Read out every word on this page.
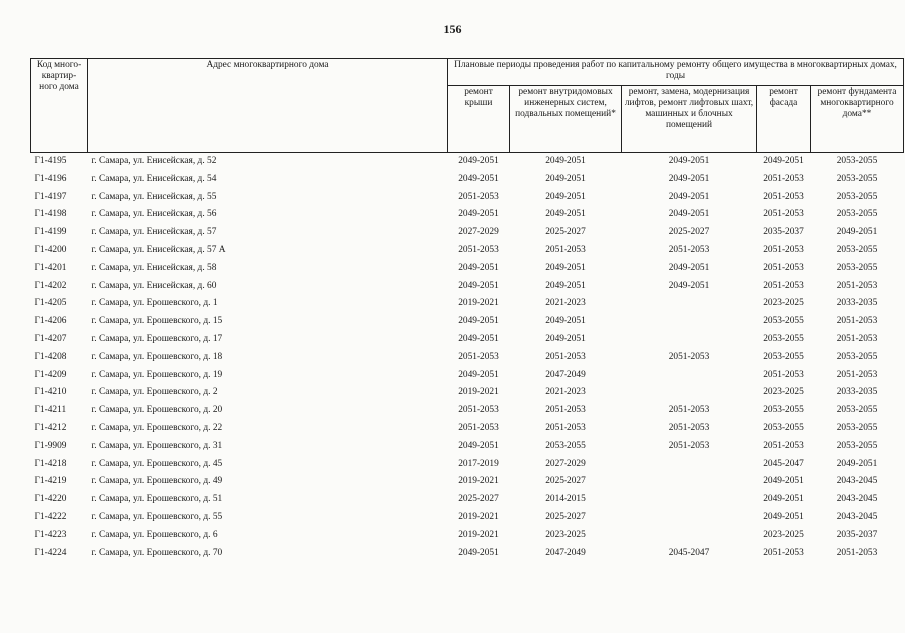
156
Код много-квартир-ного дома	Адрес многоквартирного дома	Плановые периоды проведения работ по капитальному ремонту общего имущества в многоквартирных домах, годы				
		ремонт крыши	ремонт внутридомовых инженерных систем, подвальных помещений*	ремонт, замена, модернизация лифтов, ремонт лифтовых шахт, машинных и блочных помещений	ремонт фасада	ремонт фундамента многоквартирного дома**
Г1-4195	г. Самара, ул. Енисейская, д. 52	2049-2051	2049-2051	2049-2051	2049-2051	2053-2055
Г1-4196	г. Самара, ул. Енисейская, д. 54	2049-2051	2049-2051	2049-2051	2051-2053	2053-2055
Г1-4197	г. Самара, ул. Енисейская, д. 55	2051-2053	2049-2051	2049-2051	2051-2053	2053-2055
Г1-4198	г. Самара, ул. Енисейская, д. 56	2049-2051	2049-2051	2049-2051	2051-2053	2053-2055
Г1-4199	г. Самара, ул. Енисейская, д. 57	2027-2029	2025-2027	2025-2027	2035-2037	2049-2051
Г1-4200	г. Самара, ул. Енисейская, д. 57 А	2051-2053	2051-2053	2051-2053	2051-2053	2053-2055
Г1-4201	г. Самара, ул. Енисейская, д. 58	2049-2051	2049-2051	2049-2051	2051-2053	2053-2055
Г1-4202	г. Самара, ул. Енисейская, д. 60	2049-2051	2049-2051	2049-2051	2051-2053	2051-2053
Г1-4205	г. Самара, ул. Ерошевского, д. 1	2019-2021	2021-2023		2023-2025	2033-2035
Г1-4206	г. Самара, ул. Ерошевского, д. 15	2049-2051	2049-2051		2053-2055	2051-2053
Г1-4207	г. Самара, ул. Ерошевского, д. 17	2049-2051	2049-2051		2053-2055	2051-2053
Г1-4208	г. Самара, ул. Ерошевского, д. 18	2051-2053	2051-2053	2051-2053	2053-2055	2053-2055
Г1-4209	г. Самара, ул. Ерошевского, д. 19	2049-2051	2047-2049		2051-2053	2051-2053
Г1-4210	г. Самара, ул. Ерошевского, д. 2	2019-2021	2021-2023		2023-2025	2033-2035
Г1-4211	г. Самара, ул. Ерошевского, д. 20	2051-2053	2051-2053	2051-2053	2053-2055	2053-2055
Г1-4212	г. Самара, ул. Ерошевского, д. 22	2051-2053	2051-2053	2051-2053	2053-2055	2053-2055
Г1-9909	г. Самара, ул. Ерошевского, д. 31	2049-2051	2053-2055	2051-2053	2051-2053	2053-2055
Г1-4218	г. Самара, ул. Ерошевского, д. 45	2017-2019	2027-2029		2045-2047	2049-2051
Г1-4219	г. Самара, ул. Ерошевского, д. 49	2019-2021	2025-2027		2049-2051	2043-2045
Г1-4220	г. Самара, ул. Ерошевского, д. 51	2025-2027	2014-2015		2049-2051	2043-2045
Г1-4222	г. Самара, ул. Ерошевского, д. 55	2019-2021	2025-2027		2049-2051	2043-2045
Г1-4223	г. Самара, ул. Ерошевского, д. 6	2019-2021	2023-2025		2023-2025	2035-2037
Г1-4224	г. Самара, ул. Ерошевского, д. 70	2049-2051	2047-2049	2045-2047	2051-2053	2051-2053
